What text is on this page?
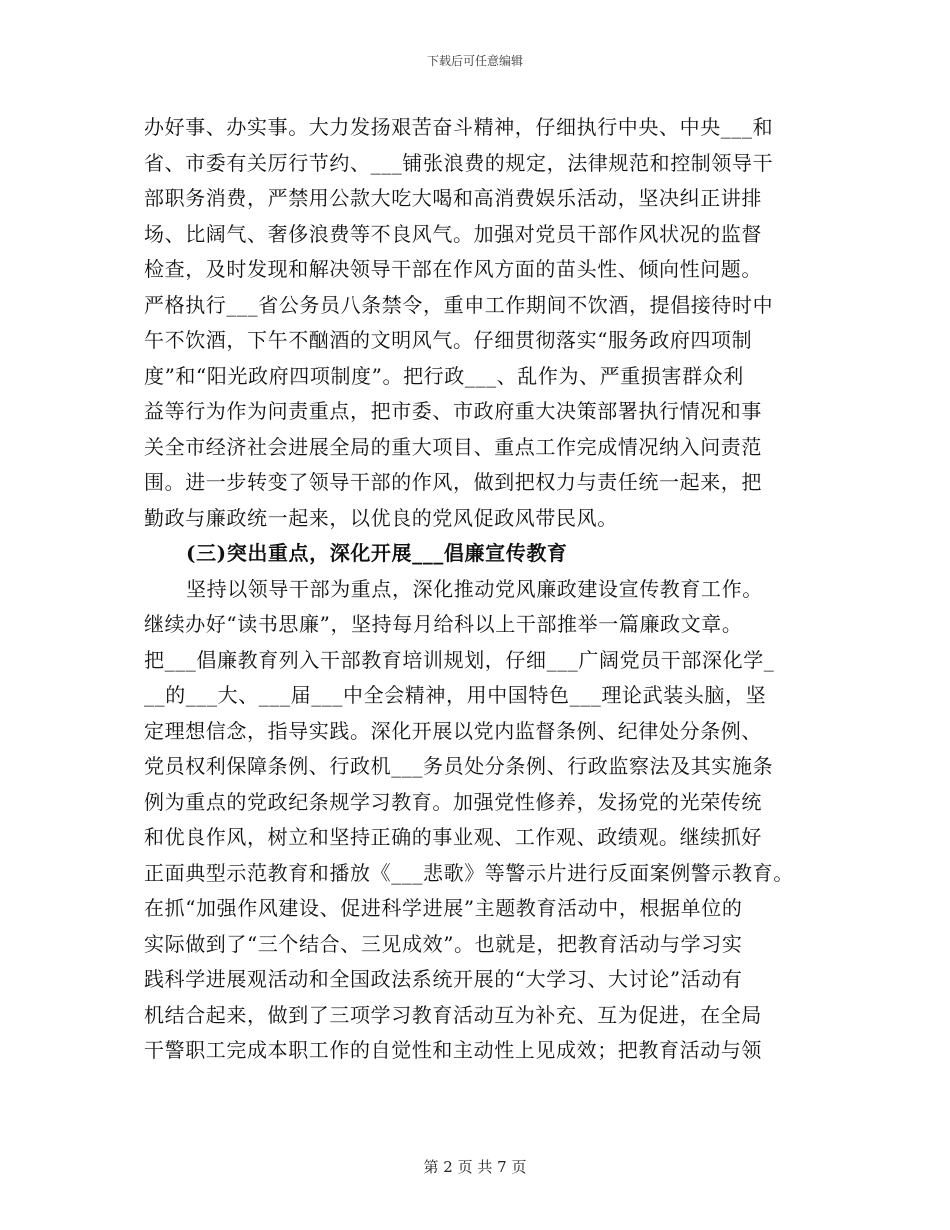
下载后可任意编辑
办好事、办实事。大力发扬艰苦奋斗精神，仔细执行中央、中央___和
省、市委有关厉行节约、___铺张浪费的规定，法律规范和控制领导干
部职务消费，严禁用公款大吃大喝和高消费娱乐活动，坚决纠正讲排
场、比阔气、奢侈浪费等不良风气。加强对党员干部作风状况的监督
检查，及时发现和解决领导干部在作风方面的苗头性、倾向性问题。
严格执行___省公务员八条禁令，重申工作期间不饮酒，提倡接待时中
午不饮酒，下午不酗酒的文明风气。仔细贯彻落实“服务政府四项制
度”和“阳光政府四项制度”。把行政___、乱作为、严重损害群众利
益等行为作为问责重点，把市委、市政府重大决策部署执行情况和事
关全市经济社会进展全局的重大项目、重点工作完成情况纳入问责范
围。进一步转变了领导干部的作风，做到把权力与责任统一起来，把
勤政与廉政统一起来，以优良的党风促政风带民风。
(三)突出重点，深化开展___倡廉宣传教育
坚持以领导干部为重点，深化推动党风廉政建设宣传教育工作。
继续办好“读书思廉”，坚持每月给科以上干部推举一篇廉政文章。
把___倡廉教育列入干部教育培训规划，仔细___广阔党员干部深化学_
__的___大、___届___中全会精神，用中国特色___理论武装头脑，坚
定理想信念，指导实践。深化开展以党内监督条例、纪律处分条例、
党员权利保障条例、行政机___务员处分条例、行政监察法及其实施条
例为重点的党政纪条规学习教育。加强党性修养，发扬党的光荣传统
和优良作风，树立和坚持正确的事业观、工作观、政绩观。继续抓好
正面典型示范教育和播放《___悲歌》等警示片进行反面案例警示教育。
在抓“加强作风建设、促进科学进展”主题教育活动中，根据单位的
实际做到了“三个结合、三见成效”。也就是，把教育活动与学习实
践科学进展观活动和全国政法系统开展的“大学习、大讨论”活动有
机结合起来，做到了三项学习教育活动互为补充、互为促进，在全局
干警职工完成本职工作的自觉性和主动性上见成效；把教育活动与领
第 2 页 共 7 页
